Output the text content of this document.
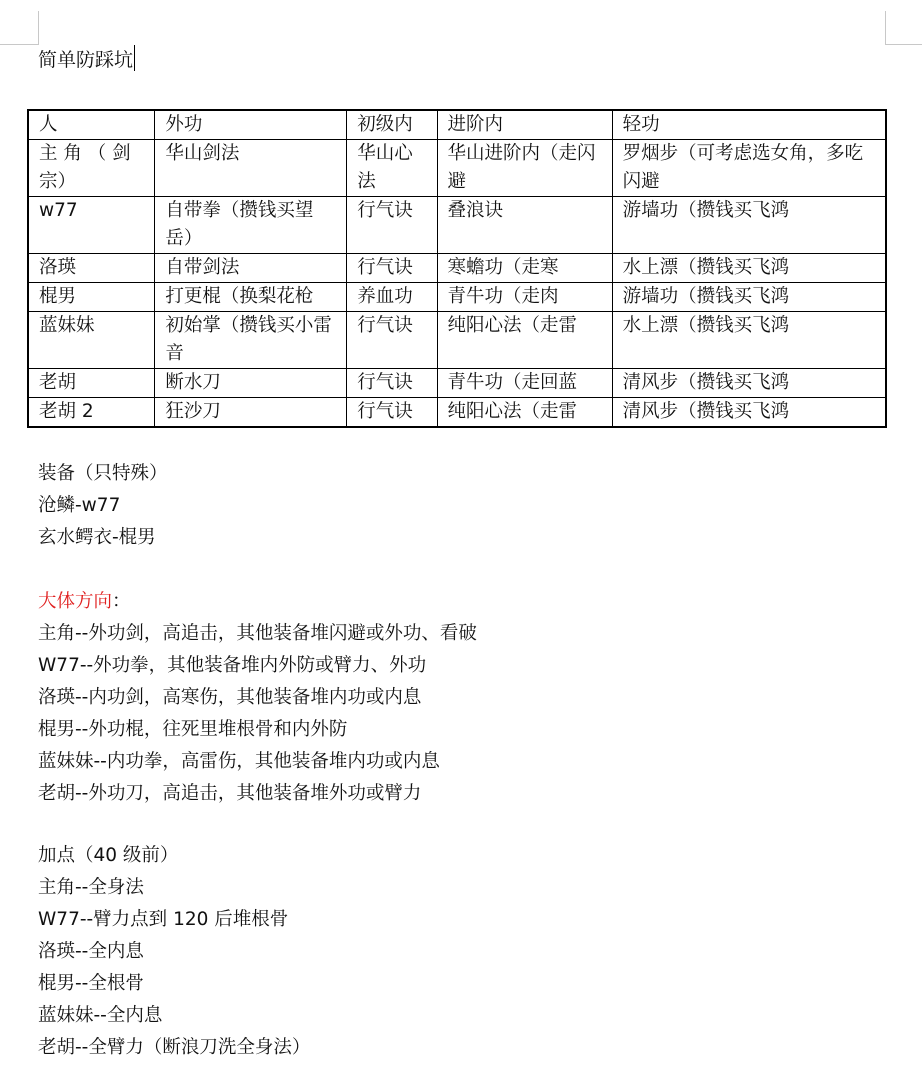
简单防踩坑
人	外功	初级内	进阶内	轻功
主 角 （ 剑 宗）	华山剑法	华山心法	华山进阶内（走闪避	罗烟步（可考虑选女角，多吃闪避
w77	自带拳（攒钱买望岳）	行气诀	叠浪诀	游墙功（攒钱买飞鸿
洛瑛	自带剑法	行气诀	寒蟾功（走寒	水上漂（攒钱买飞鸿
棍男	打更棍（换梨花枪	养血功	青牛功（走肉	游墙功（攒钱买飞鸿
蓝妹妹	初始掌（攒钱买小雷音	行气诀	纯阳心法（走雷	水上漂（攒钱买飞鸿
老胡	断水刀	行气诀	青牛功（走回蓝	清风步（攒钱买飞鸿
老胡 2	狂沙刀	行气诀	纯阳心法（走雷	清风步（攒钱买飞鸿

装备（只特殊）

沧鳞-w77

玄水鳄衣-棍男

大体方向：

主角--外功剑，高追击，其他装备堆闪避或外功、看破

W77--外功拳，其他装备堆内外防或臂力、外功

洛瑛--内功剑，高寒伤，其他装备堆内功或内息

棍男--外功棍，往死里堆根骨和内外防

蓝妹妹--内功拳，高雷伤，其他装备堆内功或内息

老胡--外功刀，高追击，其他装备堆外功或臂力

加点（40 级前）

主角--全身法

W77--臂力点到 120 后堆根骨

洛瑛--全内息

棍男--全根骨

蓝妹妹--全内息

老胡--全臂力（断浪刀洗全身法）
